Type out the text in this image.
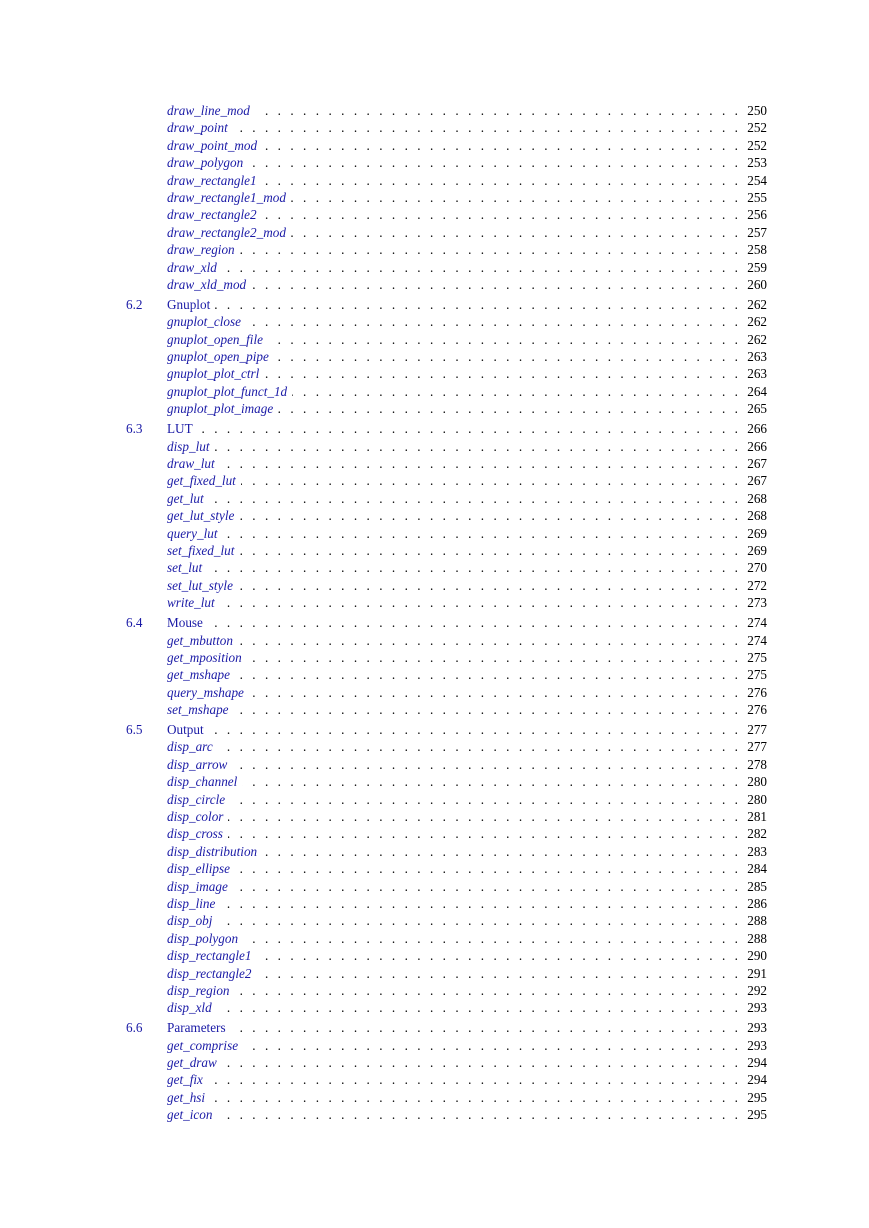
. . .
draw_line_mod	250
. . .
draw_point	252
. . .
draw_point_mod	252
. . .
draw_polygon	253
. . .
draw_rectangle1	254
. . .
draw_rectangle1_mod	255
. . .
draw_rectangle2	256
. . .
draw_rectangle2_mod	257
. . .
draw_region	258
. . .
draw_xld	259
. . .
draw_xld_mod	260
6.2 . . . Gnuplot	262
. . .
gnuplot_close	262
. . .
gnuplot_open_file	262
. . .
gnuplot_open_pipe	263
. . .
gnuplot_plot_ctrl	263
. . .
gnuplot_plot_funct_1d	264
. . .
gnuplot_plot_image	265
6.3 . . . LUT	266
. . .
disp_lut	266
. . .
draw_lut	267
. . .
get_fixed_lut	267
. . .
get_lut	268
. . .
get_lut_style	268
. . .
query_lut	269
. . .
set_fixed_lut	269
. . .
set_lut	270
. . .
set_lut_style	272
. . .
write_lut	273
6.4 . . . Mouse	274
. . .
get_mbutton	274
. . .
get_mposition	275
. . .
get_mshape	275
. . .
query_mshape	276
. . .
set_mshape	276
6.5 . . . Output	277
. . .
disp_arc	277
. . .
disp_arrow	278
. . .
disp_channel	280
. . .
disp_circle	280
. . .
disp_color	281
. . .
disp_cross	282
. . .
disp_distribution	283
. . .
disp_ellipse	284
. . .
disp_image	285
. . .
disp_line	286
. . .
disp_obj	288
. . .
disp_polygon	288
. . .
disp_rectangle1	290
. . .
disp_rectangle2	291
. . .
disp_region	292
. . .
disp_xld	293
6.6 . . . Parameters	293
. . .
get_comprise	293
. . .
get_draw	294
. . .
get_fix	294
. . .
get_hsi	295
. . .
get_icon	295
